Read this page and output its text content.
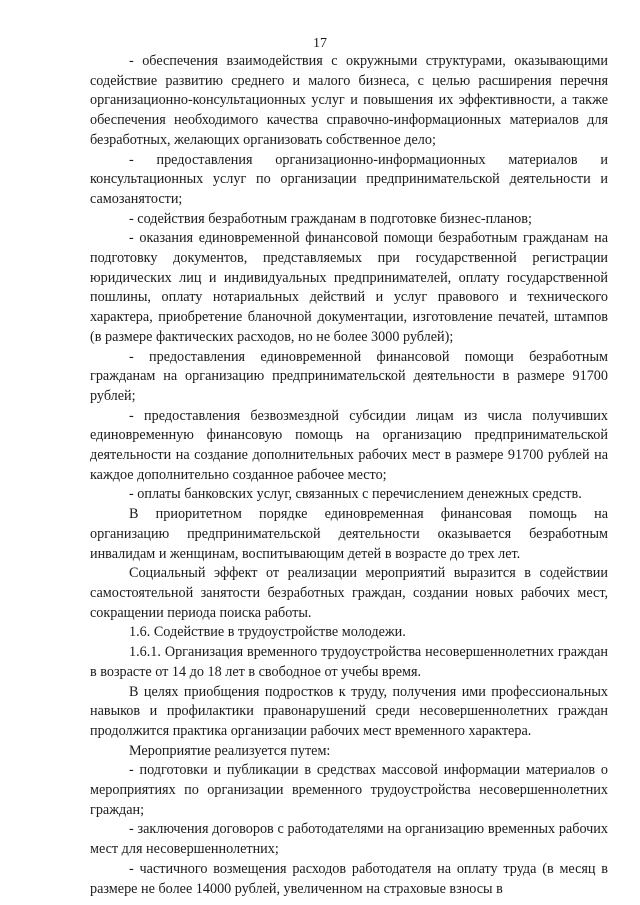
17

- обеспечения взаимодействия с окружными структурами, оказывающими содействие развитию среднего и малого бизнеса, с целью расширения перечня организационно-консультационных услуг и повышения их эффективности, а также обеспечения необходимого качества справочно-информационных материалов для безработных, желающих организовать собственное дело;

- предоставления организационно-информационных материалов и консультационных услуг по организации предпринимательской деятельности и самозанятости;

- содействия безработным гражданам в подготовке бизнес-планов;

- оказания единовременной финансовой помощи безработным гражданам на подготовку документов, представляемых при государственной регистрации юридических лиц и индивидуальных предпринимателей, оплату государственной пошлины, оплату нотариальных действий и услуг правового и технического характера, приобретение бланочной документации, изготовление печатей, штампов (в размере фактических расходов, но не более 3000 рублей);

- предоставления единовременной финансовой помощи безработным гражданам на организацию предпринимательской деятельности в размере 91700 рублей;

- предоставления безвозмездной субсидии лицам из числа получивших единовременную финансовую помощь на организацию предпринимательской деятельности на создание дополнительных рабочих мест в размере 91700 рублей на каждое дополнительно созданное рабочее место;

- оплаты банковских услуг, связанных с перечислением денежных средств.

В приоритетном порядке единовременная финансовая помощь на организацию предпринимательской деятельности оказывается безработным инвалидам и женщинам, воспитывающим детей в возрасте до трех лет.

Социальный эффект от реализации мероприятий выразится в содействии самостоятельной занятости безработных граждан, создании новых рабочих мест, сокращении периода поиска работы.

1.6. Содействие в трудоустройстве молодежи.

1.6.1. Организация временного трудоустройства несовершеннолетних граждан в возрасте от 14 до 18 лет в свободное от учебы время.

В целях приобщения подростков к труду, получения ими профессиональных навыков и профилактики правонарушений среди несовершеннолетних граждан продолжится практика организации рабочих мест временного характера.

Мероприятие реализуется путем:

- подготовки и публикации в средствах массовой информации материалов о мероприятиях по организации временного трудоустройства несовершеннолетних граждан;

- заключения договоров с работодателями на организацию временных рабочих мест для несовершеннолетних;

- частичного возмещения расходов работодателя на оплату труда (в месяц в размере не более 14000 рублей, увеличенном на страховые взносы в
